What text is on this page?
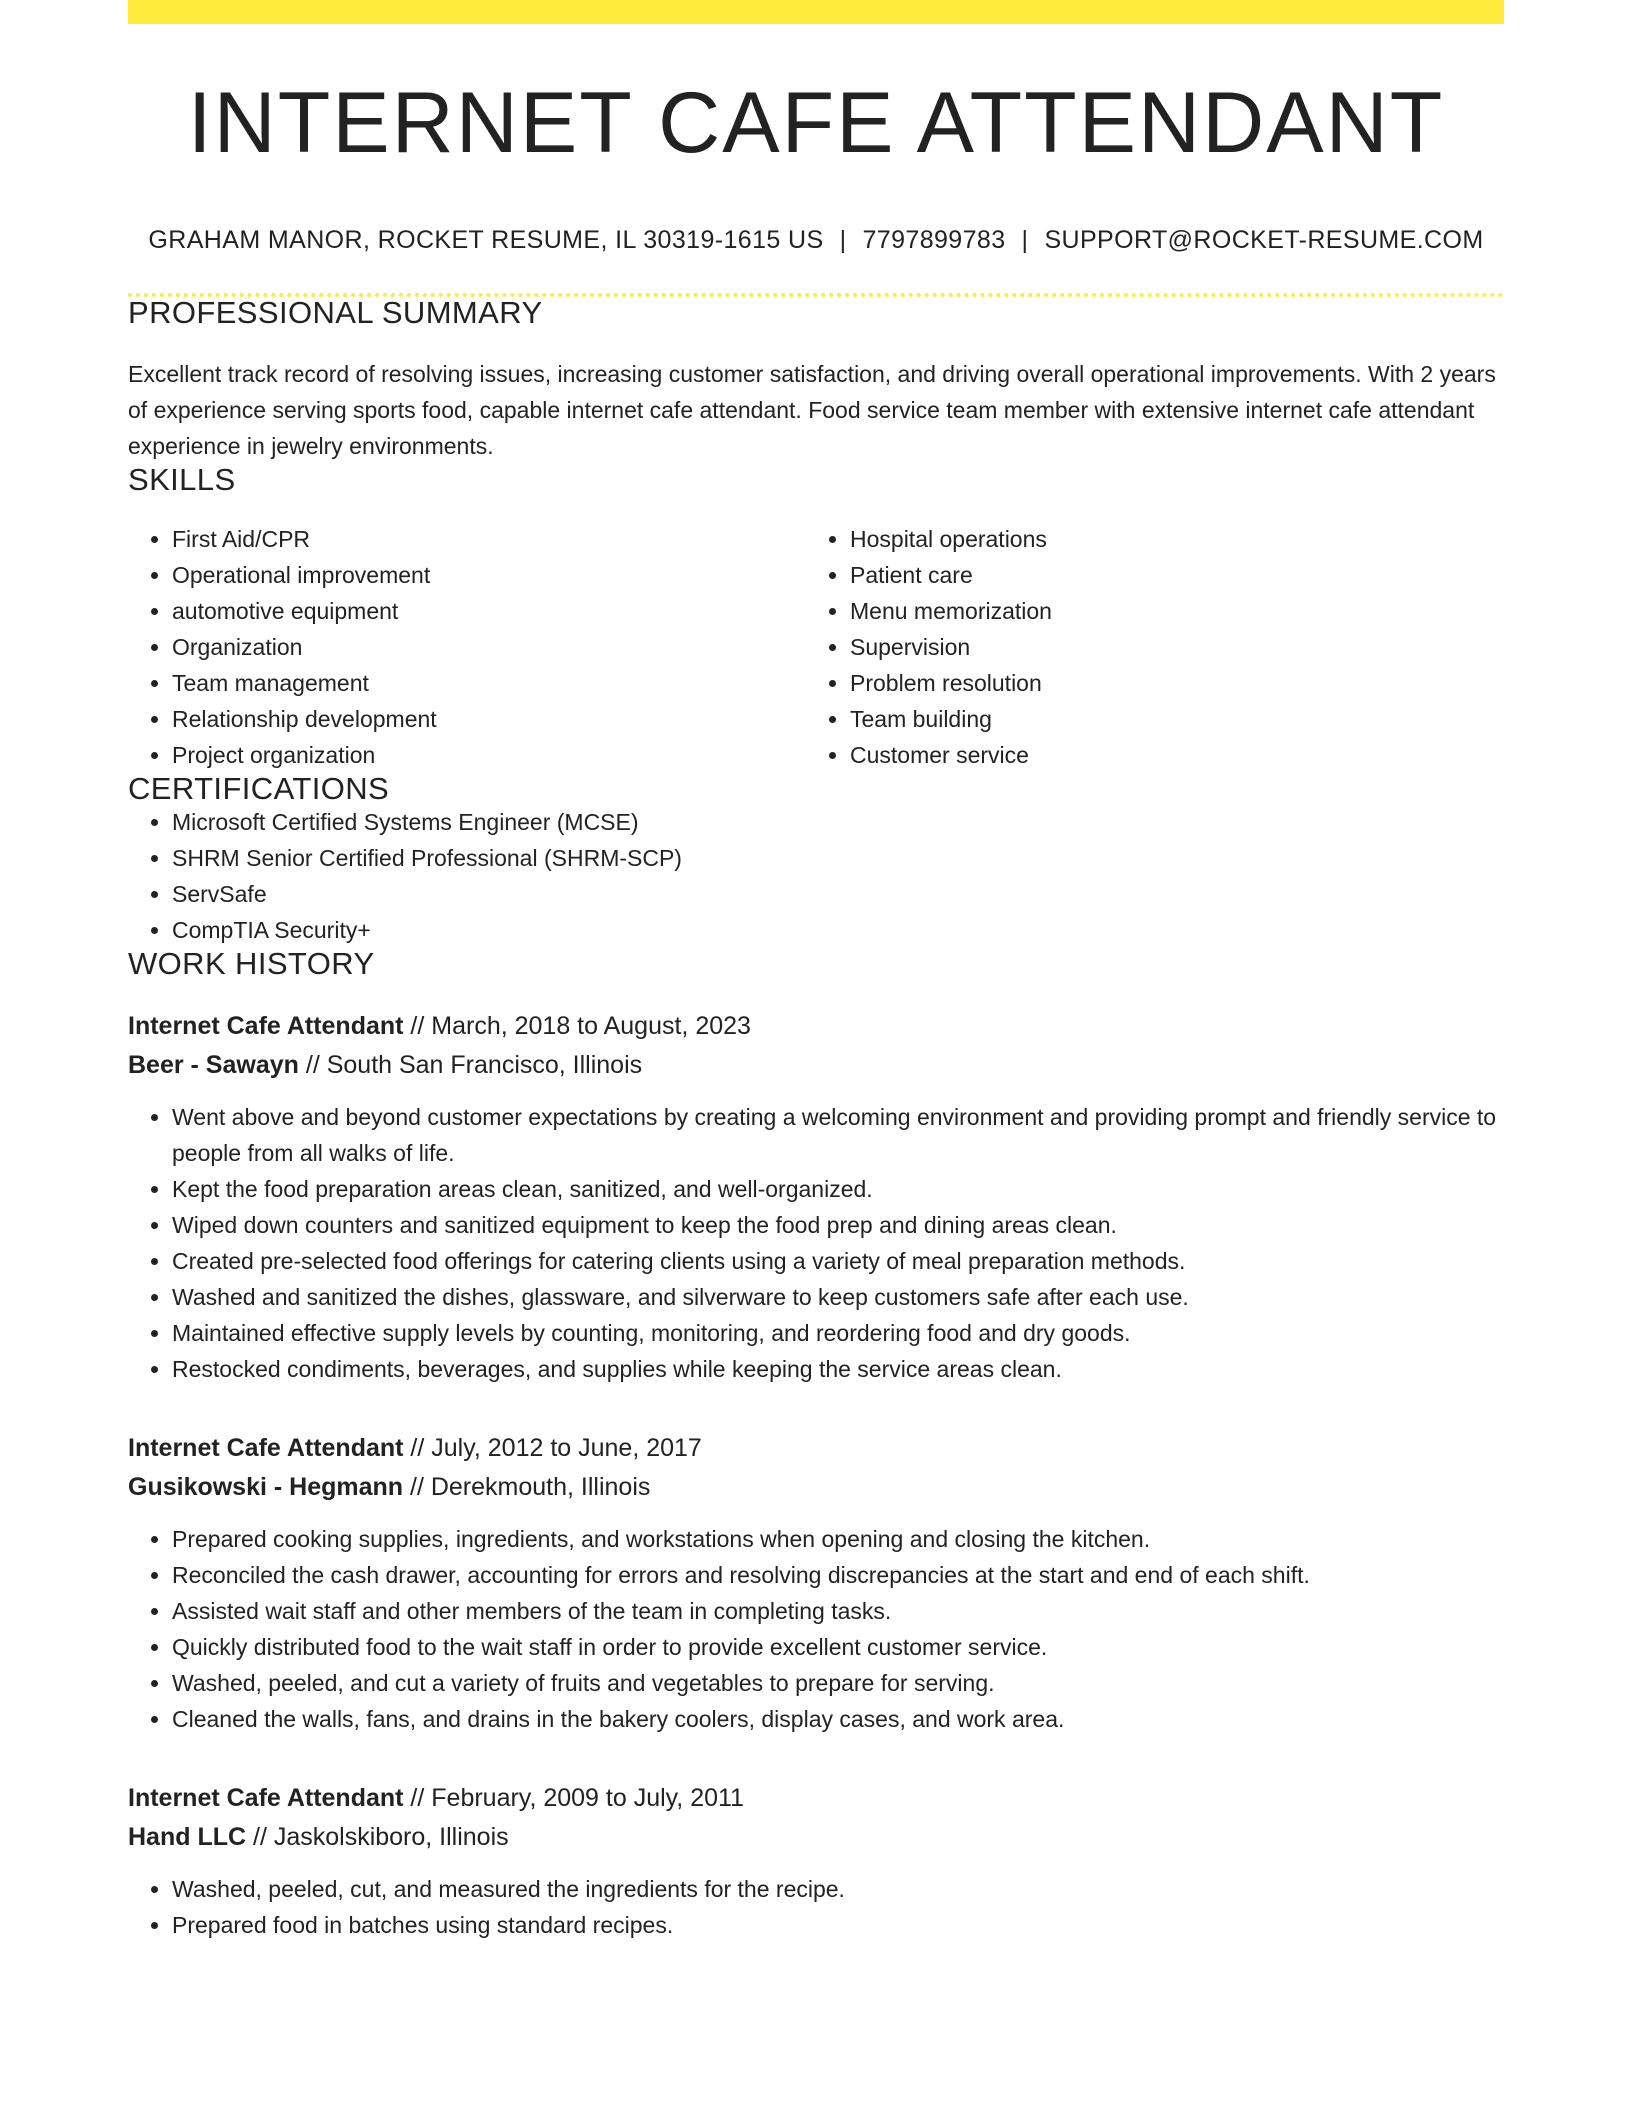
INTERNET CAFE ATTENDANT
GRAHAM MANOR, ROCKET RESUME, IL 30319-1615 US | 7797899783 | SUPPORT@ROCKET-RESUME.COM
PROFESSIONAL SUMMARY

Excellent track record of resolving issues, increasing customer satisfaction, and driving overall operational improvements. With 2 years of experience serving sports food, capable internet cafe attendant. Food service team member with extensive internet cafe attendant experience in jewelry environments.

SKILLS
• First Aid/CPR
• Operational improvement
• automotive equipment
• Organization
• Team management
• Relationship development
• Project organization
• Hospital operations
• Patient care
• Menu memorization
• Supervision
• Problem resolution
• Team building
• Customer service
CERTIFICATIONS
• Microsoft Certified Systems Engineer (MCSE)
• SHRM Senior Certified Professional (SHRM-SCP)
• ServSafe
• CompTIA Security+
WORK HISTORY
Internet Cafe Attendant // March, 2018 to August, 2023
Beer - Sawayn // South San Francisco, Illinois
• Went above and beyond customer expectations by creating a welcoming environment and providing prompt and friendly service to people from all walks of life.
• Kept the food preparation areas clean, sanitized, and well-organized.
• Wiped down counters and sanitized equipment to keep the food prep and dining areas clean.
• Created pre-selected food offerings for catering clients using a variety of meal preparation methods.
• Washed and sanitized the dishes, glassware, and silverware to keep customers safe after each use.
• Maintained effective supply levels by counting, monitoring, and reordering food and dry goods.
• Restocked condiments, beverages, and supplies while keeping the service areas clean.
Internet Cafe Attendant // July, 2012 to June, 2017
Gusikowski - Hegmann // Derekmouth, Illinois
• Prepared cooking supplies, ingredients, and workstations when opening and closing the kitchen.
• Reconciled the cash drawer, accounting for errors and resolving discrepancies at the start and end of each shift.
• Assisted wait staff and other members of the team in completing tasks.
• Quickly distributed food to the wait staff in order to provide excellent customer service.
• Washed, peeled, and cut a variety of fruits and vegetables to prepare for serving.
• Cleaned the walls, fans, and drains in the bakery coolers, display cases, and work area.
Internet Cafe Attendant // February, 2009 to July, 2011
Hand LLC // Jaskolskiboro, Illinois
• Washed, peeled, cut, and measured the ingredients for the recipe.
• Prepared food in batches using standard recipes.
